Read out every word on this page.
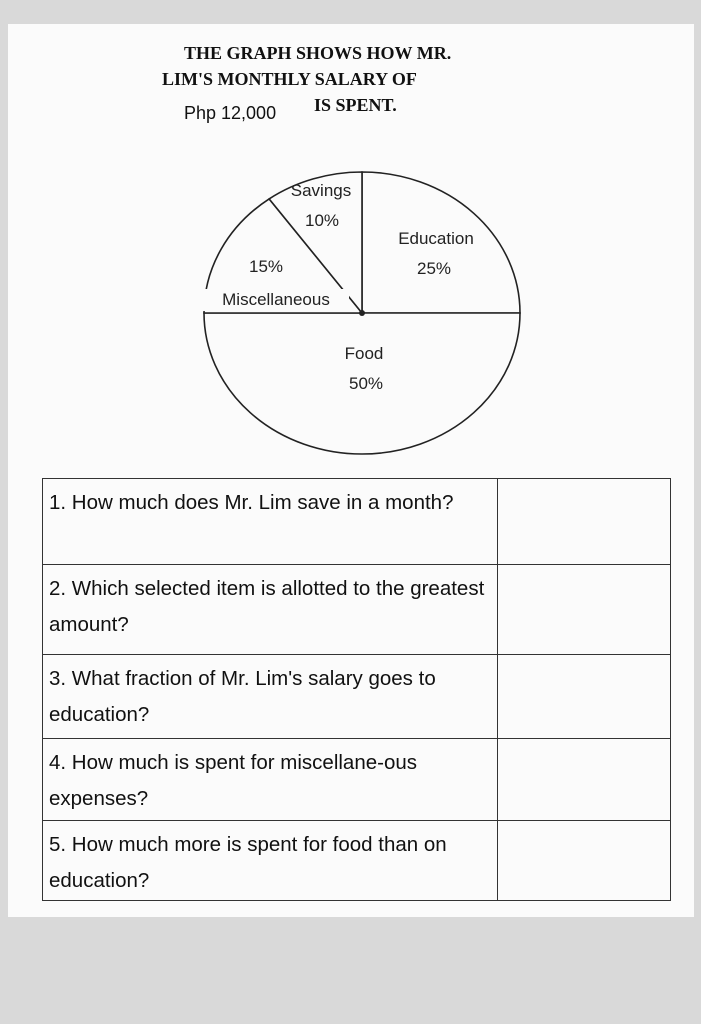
THE GRAPH SHOWS HOW MR.

LIM'S MONTHLY SALARY OF

Php 12,000 IS SPENT.

Education
25%
Food
50%
Miscellaneous
15%
Savings
10%
1. How much does Mr. Lim save in a month?	
2. Which selected item is allotted to the greatest amount?	
3. What fraction of Mr. Lim's salary goes to education?	
4. How much is spent for miscellane-ous expenses?	
5. How much more is spent for food than on education?	
